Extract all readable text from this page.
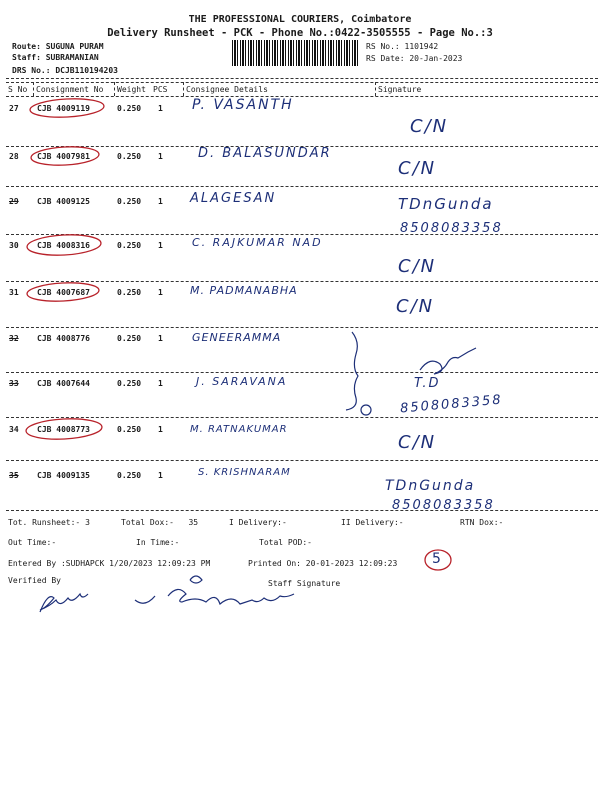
THE PROFESSIONAL COURIERS, Coimbatore
Delivery Runsheet - PCK - Phone No.:0422-3505555 - Page No.:3
Route: SUGUNA PURAM
Staff: SUBRAMANIAN
DRS No.: DCJB110194203
RS No.: 1101942
RS Date: 20-Jan-2023
S No Consignment No Weight PCS Consignee Details	Signature
27 CJB 4009119	0.250 1 P. VASANTH
C/N
28 CJB 4007981	0.250 1	D. BALASUNDAR
C/N
29 CJB 4009125	0.250 1 ALAGESAN	TDnGunda
8508083358
30 CJB 4008316	0.250 1	C. RAJKUMAR NAD
C/N
31 CJB 4007687	0.250 1 M. PADMANABHA
C/N
32 CJB 4008776	0.250 1	GENEERAMMA
33 CJB 4007644	0.250 1	J. SARAVANA	T.D
8508083358
34 CJB 4008773	0.250 1	M. RATNAKUMAR
C/N
35 CJB 4009135	0.250 1	S. KRISHNARAM
TDnGunda
8508083358
Tot. Runsheet:- 3	Total Dox:- 35	I Delivery:-	II Delivery:-	RTN Dox:-
Out Time:-	In Time:-	Total POD:-
Entered By :SUDHAPCK 1/20/2023 12:09:23 PM	Printed On: 20-01-2023 12:09:23
Verified By	Staff Signature
5
